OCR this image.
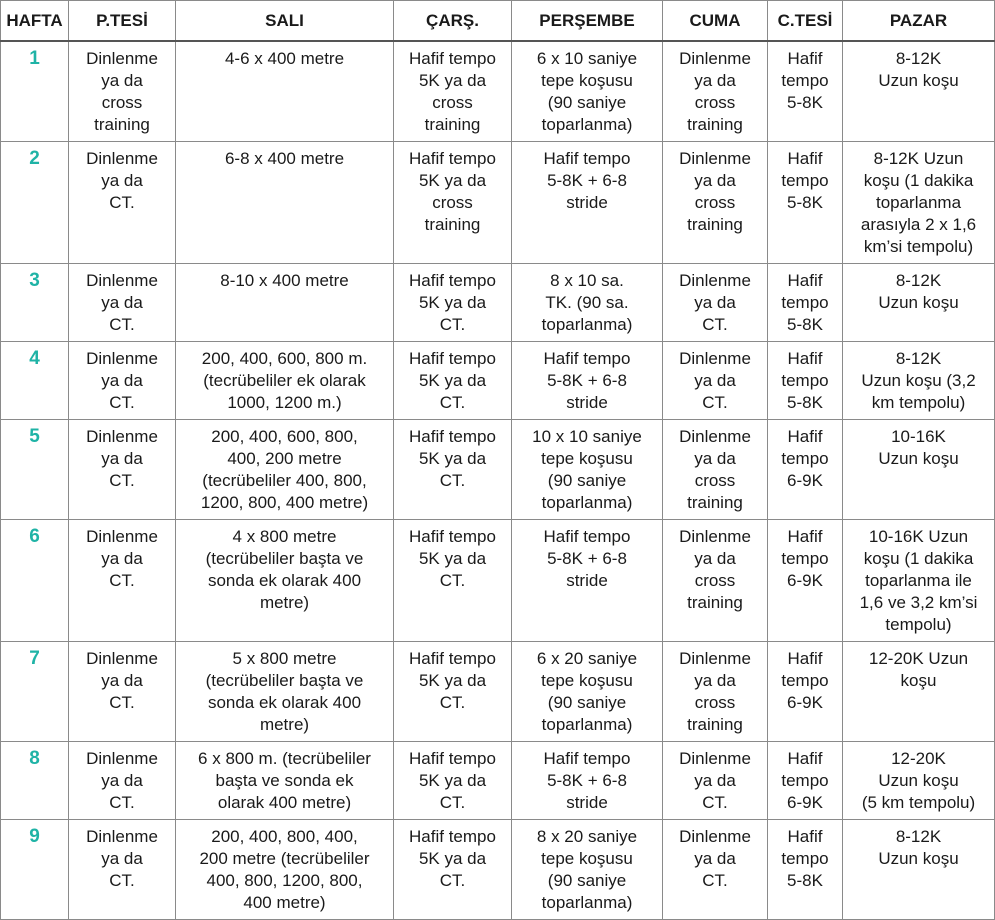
HAFTA	P.TESİ	SALI	ÇARŞ.	PERŞEMBE	CUMA	C.TESİ	PAZAR
1	Dinlenme
ya da
cross
training	4-6 x 400 metre	Hafif tempo
5K ya da
cross
training	6 x 10 saniye
tepe koşusu
(90 saniye
toparlanma)	Dinlenme
ya da
cross
training	Hafif
tempo
5-8K	8-12K
Uzun koşu

2	Dinlenme
ya da
CT.	6-8 x 400 metre	Hafif tempo
5K ya da
cross
training	Hafif tempo
5-8K + 6-8
stride	Dinlenme
ya da
cross
training	Hafif
tempo
5-8K	8-12K Uzun
koşu (1 dakika
toparlanma
arasıyla 2 x 1,6
km’si tempolu)

3	Dinlenme
ya da
CT.	8-10 x 400 metre	Hafif tempo
5K ya da
CT.	8 x 10 sa.
TK. (90 sa.
toparlanma)	Dinlenme
ya da
CT.	Hafif
tempo
5-8K	8-12K
Uzun koşu

4	Dinlenme
ya da
CT.	200, 400, 600, 800 m.
(tecrübeliler ek olarak
1000, 1200 m.)	Hafif tempo
5K ya da
CT.	Hafif tempo
5-8K + 6-8
stride	Dinlenme
ya da
CT.	Hafif
tempo
5-8K	8-12K
Uzun koşu (3,2
km tempolu)

5	Dinlenme
ya da
CT.	200, 400, 600, 800,
400, 200 metre
(tecrübeliler 400, 800,
1200, 800, 400 metre)	Hafif tempo
5K ya da
CT.	10 x 10 saniye
tepe koşusu
(90 saniye
toparlanma)	Dinlenme
ya da
cross
training	Hafif
tempo
6-9K	10-16K
Uzun koşu

6	Dinlenme
ya da
CT.	4 x 800 metre
(tecrübeliler başta ve
sonda ek olarak 400
metre)	Hafif tempo
5K ya da
CT.	Hafif tempo
5-8K + 6-8
stride	Dinlenme
ya da
cross
training	Hafif
tempo
6-9K	10-16K Uzun
koşu (1 dakika
toparlanma ile
1,6 ve 3,2 km’si
tempolu)

7	Dinlenme
ya da
CT.	5 x 800 metre
(tecrübeliler başta ve
sonda ek olarak 400
metre)	Hafif tempo
5K ya da
CT.	6 x 20 saniye
tepe koşusu
(90 saniye
toparlanma)	Dinlenme
ya da
cross
training	Hafif
tempo
6-9K	12-20K Uzun
koşu

8	Dinlenme
ya da
CT.	6 x 800 m. (tecrübeliler
başta ve sonda ek
olarak 400 metre)	Hafif tempo
5K ya da
CT.	Hafif tempo
5-8K + 6-8
stride	Dinlenme
ya da
CT.	Hafif
tempo
6-9K	12-20K
Uzun koşu
(5 km tempolu)

9	Dinlenme
ya da
CT.	200, 400, 800, 400,
200 metre (tecrübeliler
400, 800, 1200, 800,
400 metre)	Hafif tempo
5K ya da
CT.	8 x 20 saniye
tepe koşusu
(90 saniye
toparlanma)	Dinlenme
ya da
CT.	Hafif
tempo
5-8K	8-12K
Uzun koşu
